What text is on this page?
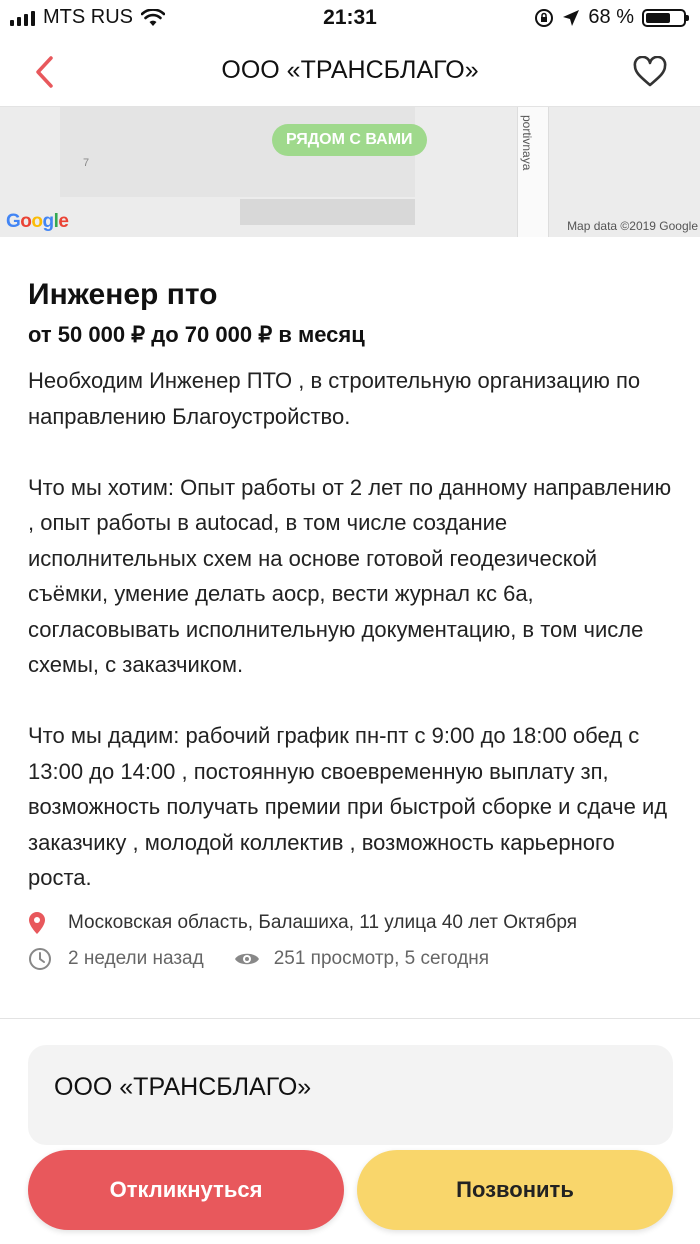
MTS RUS	21:31	68 %
ООО «ТРАНСБЛАГО»
portivnaya
7
РЯДОМ С ВАМИ
Google	Map data ©2019 Google
Инженер пто
от 50 000 ₽ до 70 000 ₽ в месяц
Необходим Инженер ПТО , в строительную организацию по направлению Благоустройство.

Что мы хотим: Опыт работы от 2 лет по данному направлению , опыт работы в autocad, в том числе создание исполнительных схем на основе готовой геодезической съёмки, умение делать аоср, вести журнал кс 6а, согласовывать исполнительную документацию, в том числе схемы, с заказчиком.

Что мы дадим: рабочий график пн-пт с 9:00 до 18:00 обед с 13:00 до 14:00 , постоянную своевременную выплату зп, возможность получать премии при быстрой сборке и сдаче ид заказчику , молодой коллектив , возможность карьерного роста.
Московская область, Балашиха, 11 улица 40 лет Октября
2 недели назад	251 просмотр, 5 сегодня
ООО «ТРАНСБЛАГО»
Откликнуться	Позвонить
